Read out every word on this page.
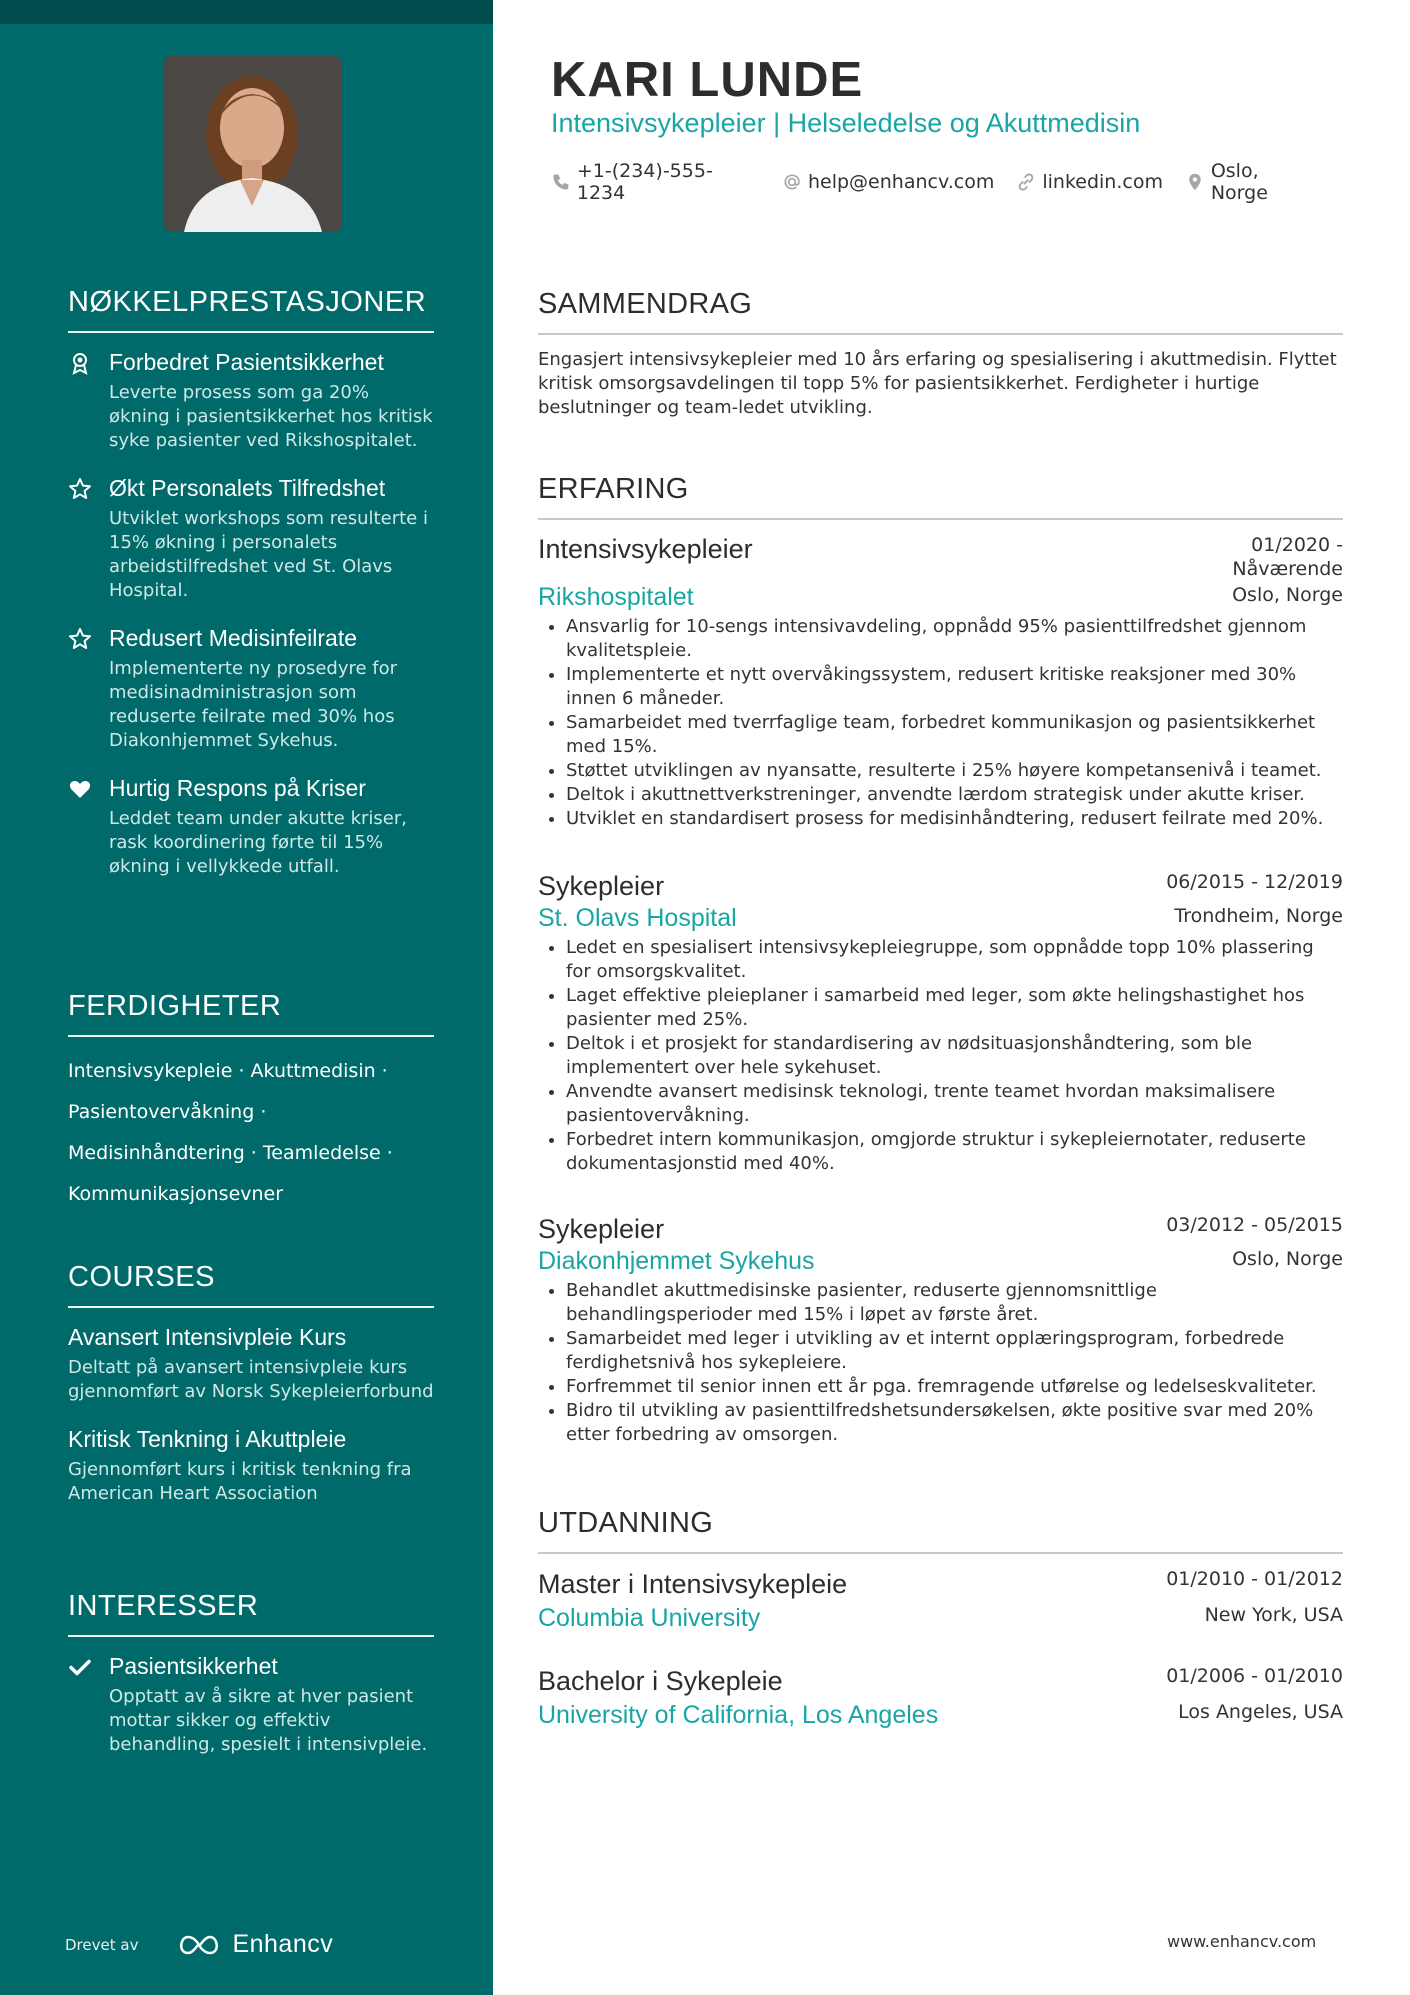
NØKKELPRESTASJONER
Forbedret Pasientsikkerhet
Leverte prosess som ga 20% økning i pasientsikkerhet hos kritisk syke pasienter ved Rikshospitalet.
Økt Personalets Tilfredshet
Utviklet workshops som resulterte i 15% økning i personalets arbeidstilfredshet ved St. Olavs Hospital.
Redusert Medisinfeilrate
Implementerte ny prosedyre for medisinadministrasjon som reduserte feilrate med 30% hos Diakonhjemmet Sykehus.
Hurtig Respons på Kriser
Leddet team under akutte kriser, rask koordinering førte til 15% økning i vellykkede utfall.
FERDIGHETER
Intensivsykepleie · Akuttmedisin ·
Pasientovervåkning ·
Medisinhåndtering · Teamledelse ·
Kommunikasjonsevner
COURSES
Avansert Intensivpleie Kurs
Deltatt på avansert intensivpleie kurs gjennomført av Norsk Sykepleierforbund
Kritisk Tenkning i Akuttpleie
Gjennomført kurs i kritisk tenkning fra American Heart Association
INTERESSER
Pasientsikkerhet
Opptatt av å sikre at hver pasient mottar sikker og effektiv behandling, spesielt i intensivpleie.
Drevet av	Enhancv
KARI LUNDE
Intensivsykepleier | Helseledelse og Akuttmedisin
+1-(234)-555-1234	help@enhancv.com	linkedin.com	Oslo, Norge
SAMMENDRAG
Engasjert intensivsykepleier med 10 års erfaring og spesialisering i akuttmedisin. Flyttet kritisk omsorgsavdelingen til topp 5% for pasientsikkerhet. Ferdigheter i hurtige beslutninger og team-ledet utvikling.
ERFARING
Intensivsykepleier	01/2020 -
Nåværende
Rikshospitalet	Oslo, Norge
• Ansvarlig for 10-sengs intensivavdeling, oppnådd 95% pasienttilfredshet gjennom kvalitetspleie.
• Implementerte et nytt overvåkingssystem, redusert kritiske reaksjoner med 30% innen 6 måneder.
• Samarbeidet med tverrfaglige team, forbedret kommunikasjon og pasientsikkerhet med 15%.
• Støttet utviklingen av nyansatte, resulterte i 25% høyere kompetansenivå i teamet.
• Deltok i akuttnettverkstreninger, anvendte lærdom strategisk under akutte kriser.
• Utviklet en standardisert prosess for medisinhåndtering, redusert feilrate med 20%.
Sykepleier	06/2015 - 12/2019
St. Olavs Hospital	Trondheim, Norge
• Ledet en spesialisert intensivsykepleiegruppe, som oppnådde topp 10% plassering for omsorgskvalitet.
• Laget effektive pleieplaner i samarbeid med leger, som økte helingshastighet hos pasienter med 25%.
• Deltok i et prosjekt for standardisering av nødsituasjonshåndtering, som ble implementert over hele sykehuset.
• Anvendte avansert medisinsk teknologi, trente teamet hvordan maksimalisere pasientovervåkning.
• Forbedret intern kommunikasjon, omgjorde struktur i sykepleiernotater, reduserte dokumentasjonstid med 40%.
Sykepleier	03/2012 - 05/2015
Diakonhjemmet Sykehus	Oslo, Norge
• Behandlet akuttmedisinske pasienter, reduserte gjennomsnittlige behandlingsperioder med 15% i løpet av første året.
• Samarbeidet med leger i utvikling av et internt opplæringsprogram, forbedrede ferdighetsnivå hos sykepleiere.
• Forfremmet til senior innen ett år pga. fremragende utførelse og ledelseskvaliteter.
• Bidro til utvikling av pasienttilfredshetsundersøkelsen, økte positive svar med 20% etter forbedring av omsorgen.
UTDANNING
Master i Intensivsykepleie	01/2010 - 01/2012
Columbia University	New York, USA
Bachelor i Sykepleie	01/2006 - 01/2010
University of California, Los Angeles	Los Angeles, USA
www.enhancv.com
